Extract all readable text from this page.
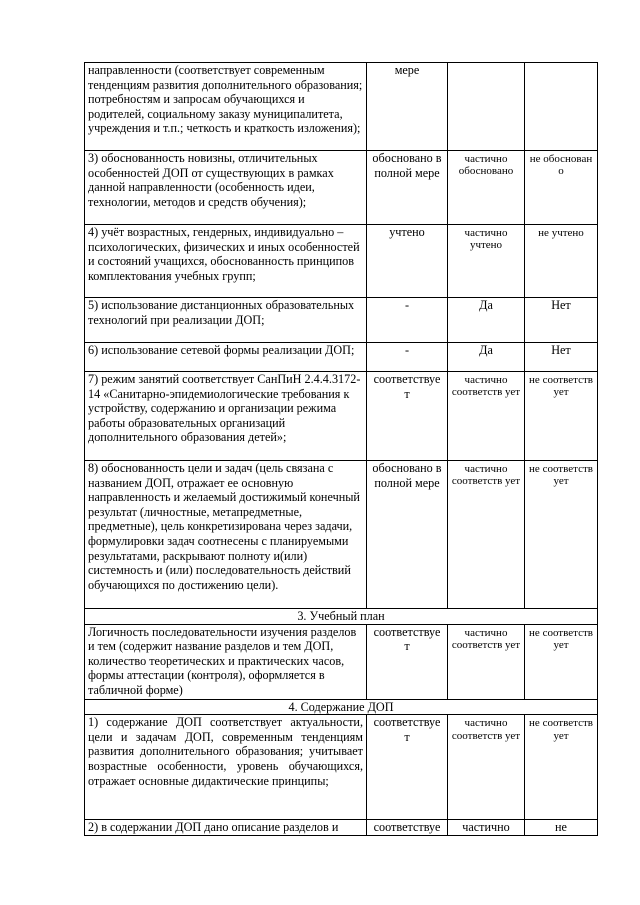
направленности (соответствует современным тенденциям развития дополнительного образования; потребностям и запросам обучающихся и родителей, социальному заказу муниципалитета, учреждения и т.п.; четкость и краткость изложения);	мере		
3) обоснованность новизны, отличительных особенностей ДОП от существующих в рамках данной направленности (особенность идеи, технологии, методов и средств обучения);	обосновано в полной мере	частично обосновано	не обоснован о
4) учёт возрастных, гендерных, индивидуально – психологических, физических и иных особенностей и состояний учащихся, обоснованность принципов комплектования учебных групп;	учтено	частично учтено	не учтено
5) использование дистанционных образовательных технологий при реализации ДОП;	-	Да	Нет
6) использование сетевой формы реализации ДОП;	-	Да	Нет
7) режим занятий соответствует СанПиН 2.4.4.3172-14 «Санитарно-эпидемиологические требования к устройству, содержанию и организации режима работы образовательных организаций дополнительного образования детей»;	соответствуе т	частично соответств ует	не соответств ует
8) обоснованность цели и задач (цель связана с названием ДОП, отражает ее основную направленность и желаемый достижимый конечный результат (личностные, метапредметные, предметные), цель конкретизирована через задачи, формулировки задач соотнесены с планируемыми результатами, раскрывают полноту и(или) системность и (или) последовательность действий обучающихся по достижению цели).	обосновано в полной мере	частично соответств ует	не соответств ует
3. Учебный план			
Логичность последовательности изучения разделов и тем (содержит название разделов и тем ДОП, количество теоретических и практических часов, формы аттестации (контроля), оформляется в табличной форме)	соответствуе т	частично соответств ует	не соответств ует
4. Содержание ДОП			
1) содержание ДОП соответствует актуальности, цели и задачам ДОП, современным тенденциям развития дополнительного образования; учитывает возрастные особенности, уровень обучающихся, отражает основные дидактические принципы;	соответствуе т	частично соответств ует	не соответств ует
2) в содержании ДОП дано описание разделов и	соответствуе	частично	не
